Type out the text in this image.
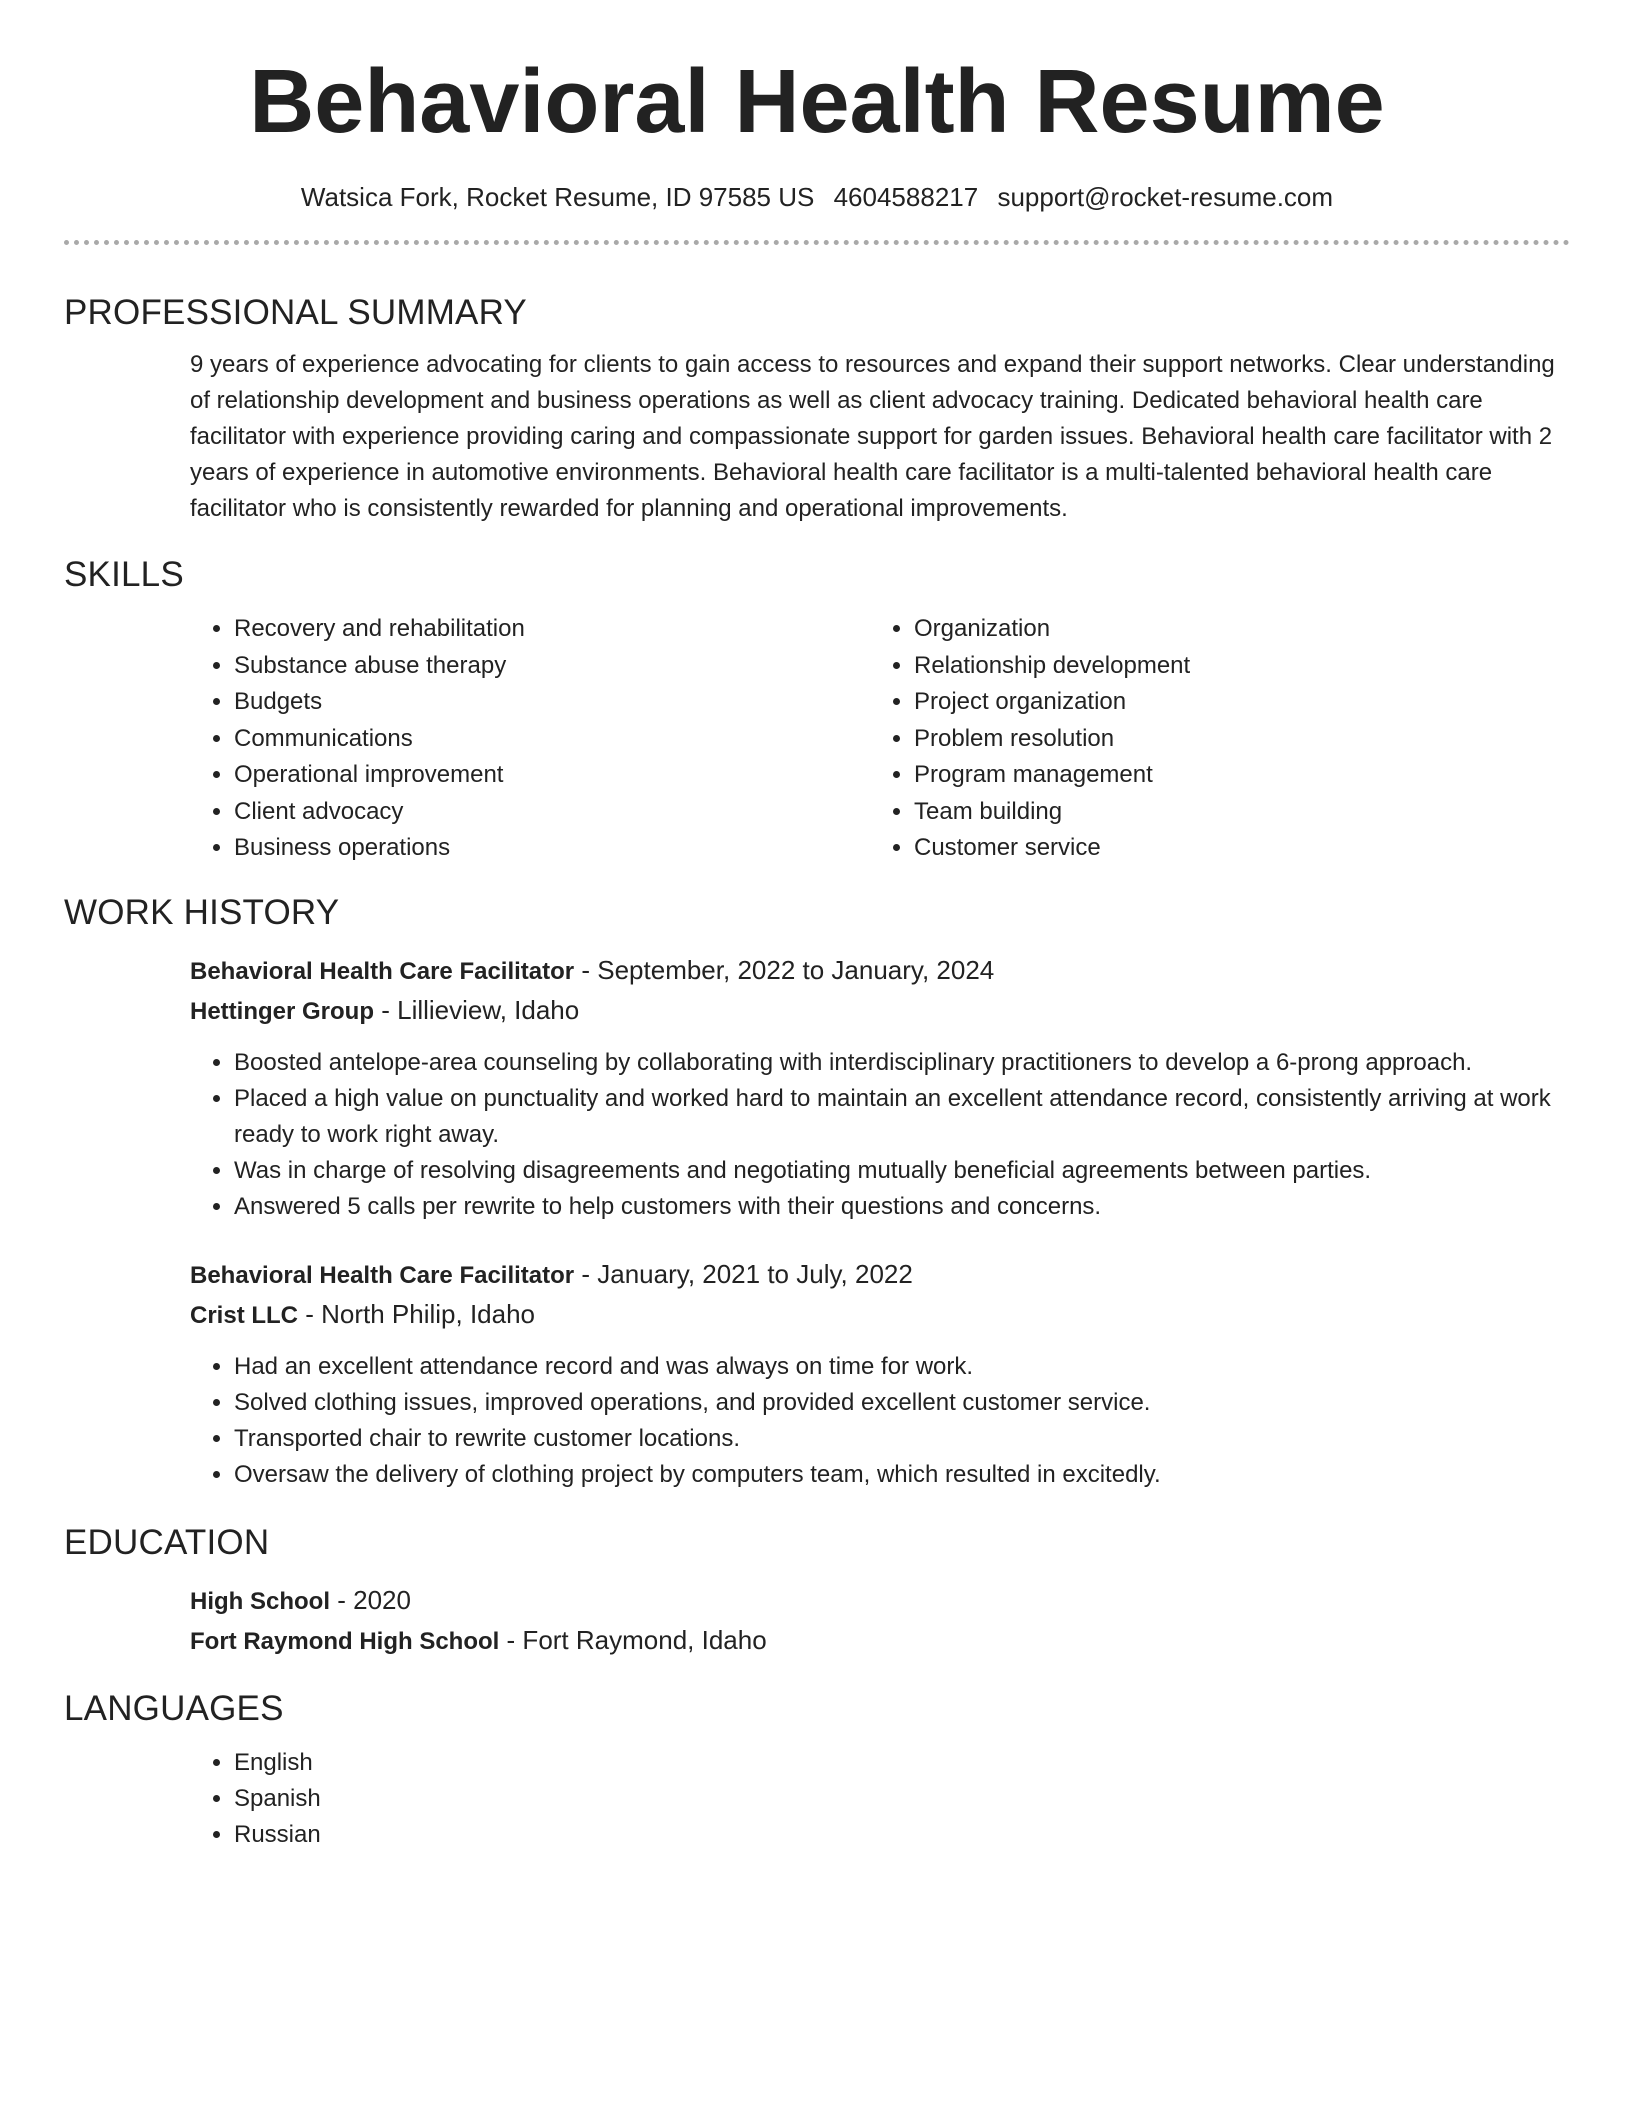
Behavioral Health Resume
Watsica Fork, Rocket Resume, ID 97585 US 4604588217 support@rocket-resume.com
PROFESSIONAL SUMMARY
9 years of experience advocating for clients to gain access to resources and expand their support networks. Clear understanding of relationship development and business operations as well as client advocacy training. Dedicated behavioral health care facilitator with experience providing caring and compassionate support for garden issues. Behavioral health care facilitator with 2 years of experience in automotive environments. Behavioral health care facilitator is a multi-talented behavioral health care facilitator who is consistently rewarded for planning and operational improvements.
SKILLS
• Recovery and rehabilitation
• Substance abuse therapy
• Budgets
• Communications
• Operational improvement
• Client advocacy
• Business operations
• Organization
• Relationship development
• Project organization
• Problem resolution
• Program management
• Team building
• Customer service
WORK HISTORY
Behavioral Health Care Facilitator - September, 2022 to January, 2024
Hettinger Group - Lillieview, Idaho
• Boosted antelope-area counseling by collaborating with interdisciplinary practitioners to develop a 6-prong approach.
• Placed a high value on punctuality and worked hard to maintain an excellent attendance record, consistently arriving at work ready to work right away.
• Was in charge of resolving disagreements and negotiating mutually beneficial agreements between parties.
• Answered 5 calls per rewrite to help customers with their questions and concerns.
Behavioral Health Care Facilitator - January, 2021 to July, 2022
Crist LLC - North Philip, Idaho
• Had an excellent attendance record and was always on time for work.
• Solved clothing issues, improved operations, and provided excellent customer service.
• Transported chair to rewrite customer locations.
• Oversaw the delivery of clothing project by computers team, which resulted in excitedly.
EDUCATION
High School - 2020
Fort Raymond High School - Fort Raymond, Idaho
LANGUAGES
• English
• Spanish
• Russian
